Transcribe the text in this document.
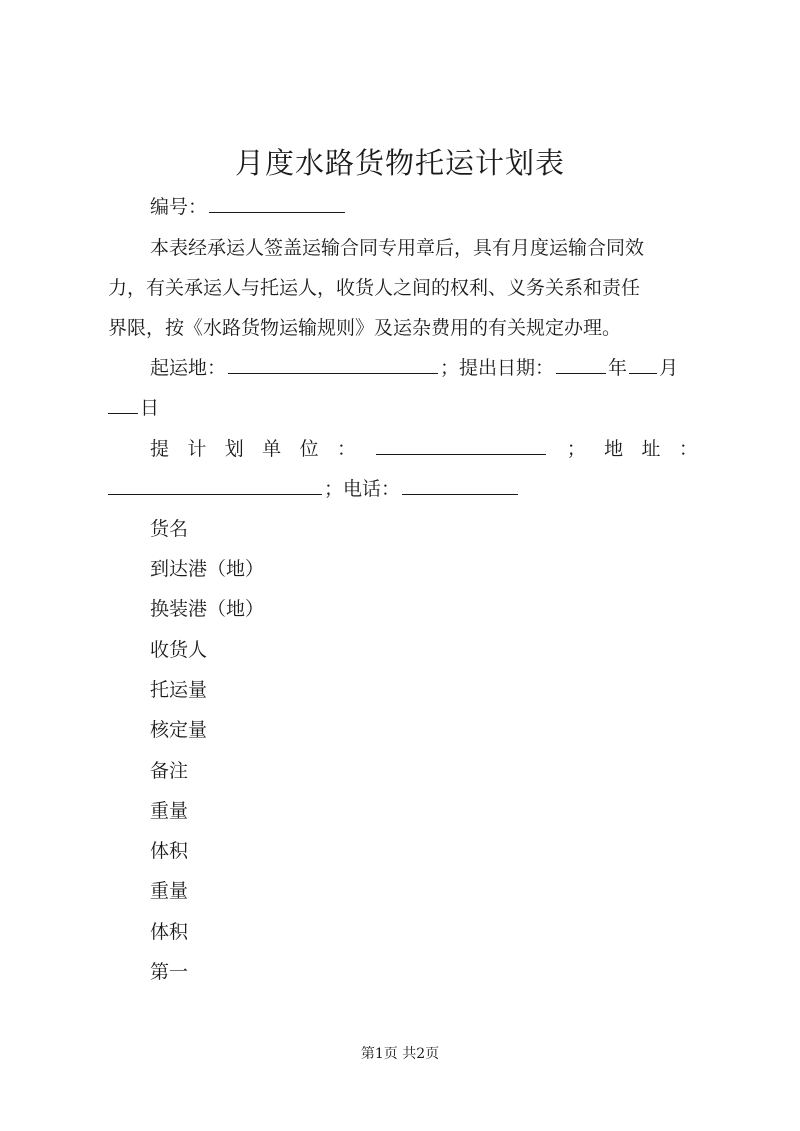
月度水路货物托运计划表
编号：
本表经承运人签盖运输合同专用章后，具有月度运输合同效
力，有关承运人与托运人，收货人之间的权利、义务关系和责任
界限，按《水路货物运输规则》及运杂费用的有关规定办理。
起运地：	；提出日期：	年 月
日
提 计 划 单 位 ：	； 地 址 ：
；电话：
货名
到达港（地）
换装港（地）
收货人
托运量
核定量
备注
重量
体积
重量
体积
第一
第1页 共2页
